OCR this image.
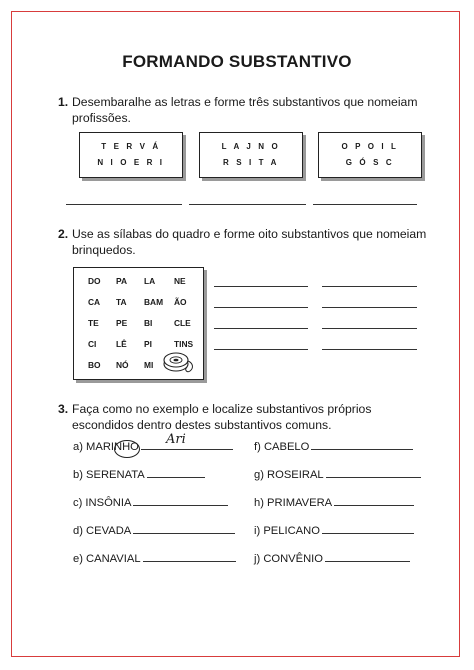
FORMANDO SUBSTANTIVO
1. Desembaralhe as letras e forme três substantivos que nomeiam profissões.
T E R V Á
N I O E R I
L A J N O
R S I T A
O P O I L
G Ó S C
2. Use as sílabas do quadro e forme oito substantivos que nomeiam brinquedos.
DO PA LA NE
CA TA BAM ÃO
TE PE BI	CLE
CI LÊ PI	TINS
BO NÓ MI
3. Faça como no exemplo e localize substantivos próprios escondidos dentro destes substantivos comuns.
a) MARINHO	Ari
b) SERENATA
c) INSÔNIA
d) CEVADA
e) CANAVIAL
f) CABELO
g) ROSEIRAL
h) PRIMAVERA
i) PELICANO
j) CONVÊNIO
